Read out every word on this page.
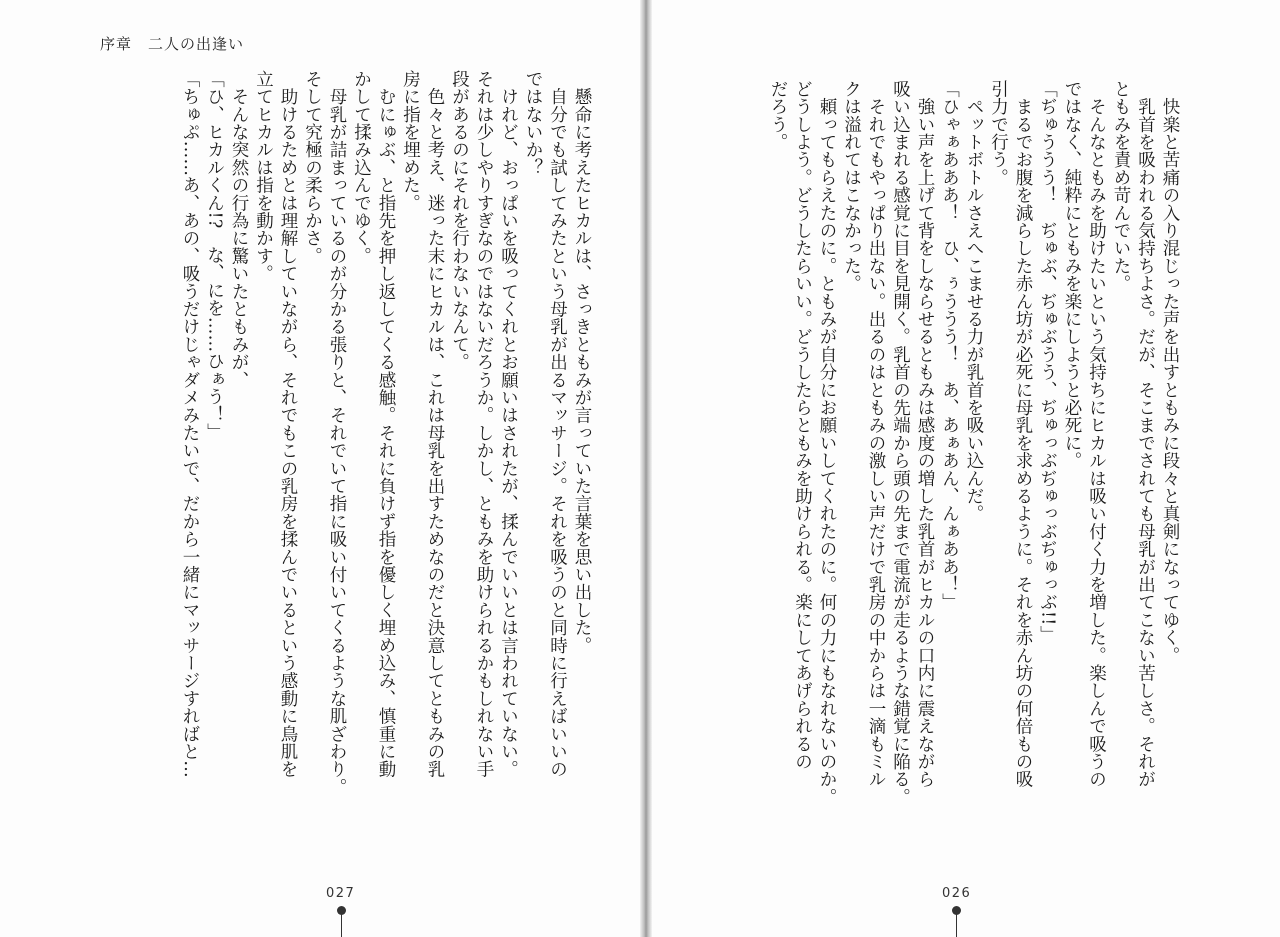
序章　二人の出逢い
　懸命に考えたヒカルは、さっきともみが言っていた言葉を思い出した。
　自分でも試してみたという母乳が出るマッサージ。それを吸うのと同時に行えばいいの
ではないか？
　けれど、おっぱいを吸ってくれとお願いはされたが、揉んでいいとは言われていない。
それは少しやりすぎなのではないだろうか。しかし、ともみを助けられるかもしれない手
段があるのにそれを行わないなんて。
　色々と考え、迷った末にヒカルは、これは母乳を出すためなのだと決意してともみの乳
房に指を埋めた。
　むにゅぶ、と指先を押し返してくる感触。それに負けず指を優しく埋め込み、慎重に動
かして揉み込んでゆく。
　母乳が詰まっているのが分かる張りと、それでいて指に吸い付いてくるような肌ざわり。
そして究極の柔らかさ。
　助けるためとは理解していながら、それでもこの乳房を揉んでいるという感動に鳥肌を
立てヒカルは指を動かす。
　そんな突然の行為に驚いたともみが、
「ひ、ヒカルくん!?　な、にを……ひぁう！」
「ちゅぷ……あ、あの、吸うだけじゃダメみたいで、だから一緒にマッサージすればと…
027
　快楽と苦痛の入り混じった声を出すともみに段々と真剣になってゆく。
　乳首を吸われる気持ちよさ。だが、そこまでされても母乳が出てこない苦しさ。それが
ともみを責め苛んでいた。
　そんなともみを助けたいという気持ちにヒカルは吸い付く力を増した。楽しんで吸うの
ではなく、純粋にともみを楽にしようと必死に。
「ぢゅううう！　ぢゅぶ、ぢゅぶうう、ぢゅっぶぢゅっぶぢゅっぶ!!」
　まるでお腹を減らした赤ん坊が必死に母乳を求めるように。それを赤ん坊の何倍もの吸
引力で行う。
　ペットボトルさえへこませる力が乳首を吸い込んだ。
「ひゃぁあああ！　ひ、ぅううう！　あ、あぁあん、んぁああ！」
　強い声を上げて背をしならせるともみは感度の増した乳首がヒカルの口内に震えながら
吸い込まれる感覚に目を見開く。乳首の先端から頭の先まで電流が走るような錯覚に陥る。
　それでもやっぱり出ない。出るのはともみの激しい声だけで乳房の中からは一滴もミル
クは溢れてはこなかった。
　頼ってもらえたのに。ともみが自分にお願いしてくれたのに。何の力にもなれないのか。
どうしよう。どうしたらいい。どうしたらともみを助けられる。楽にしてあげられるの
だろう。
026
